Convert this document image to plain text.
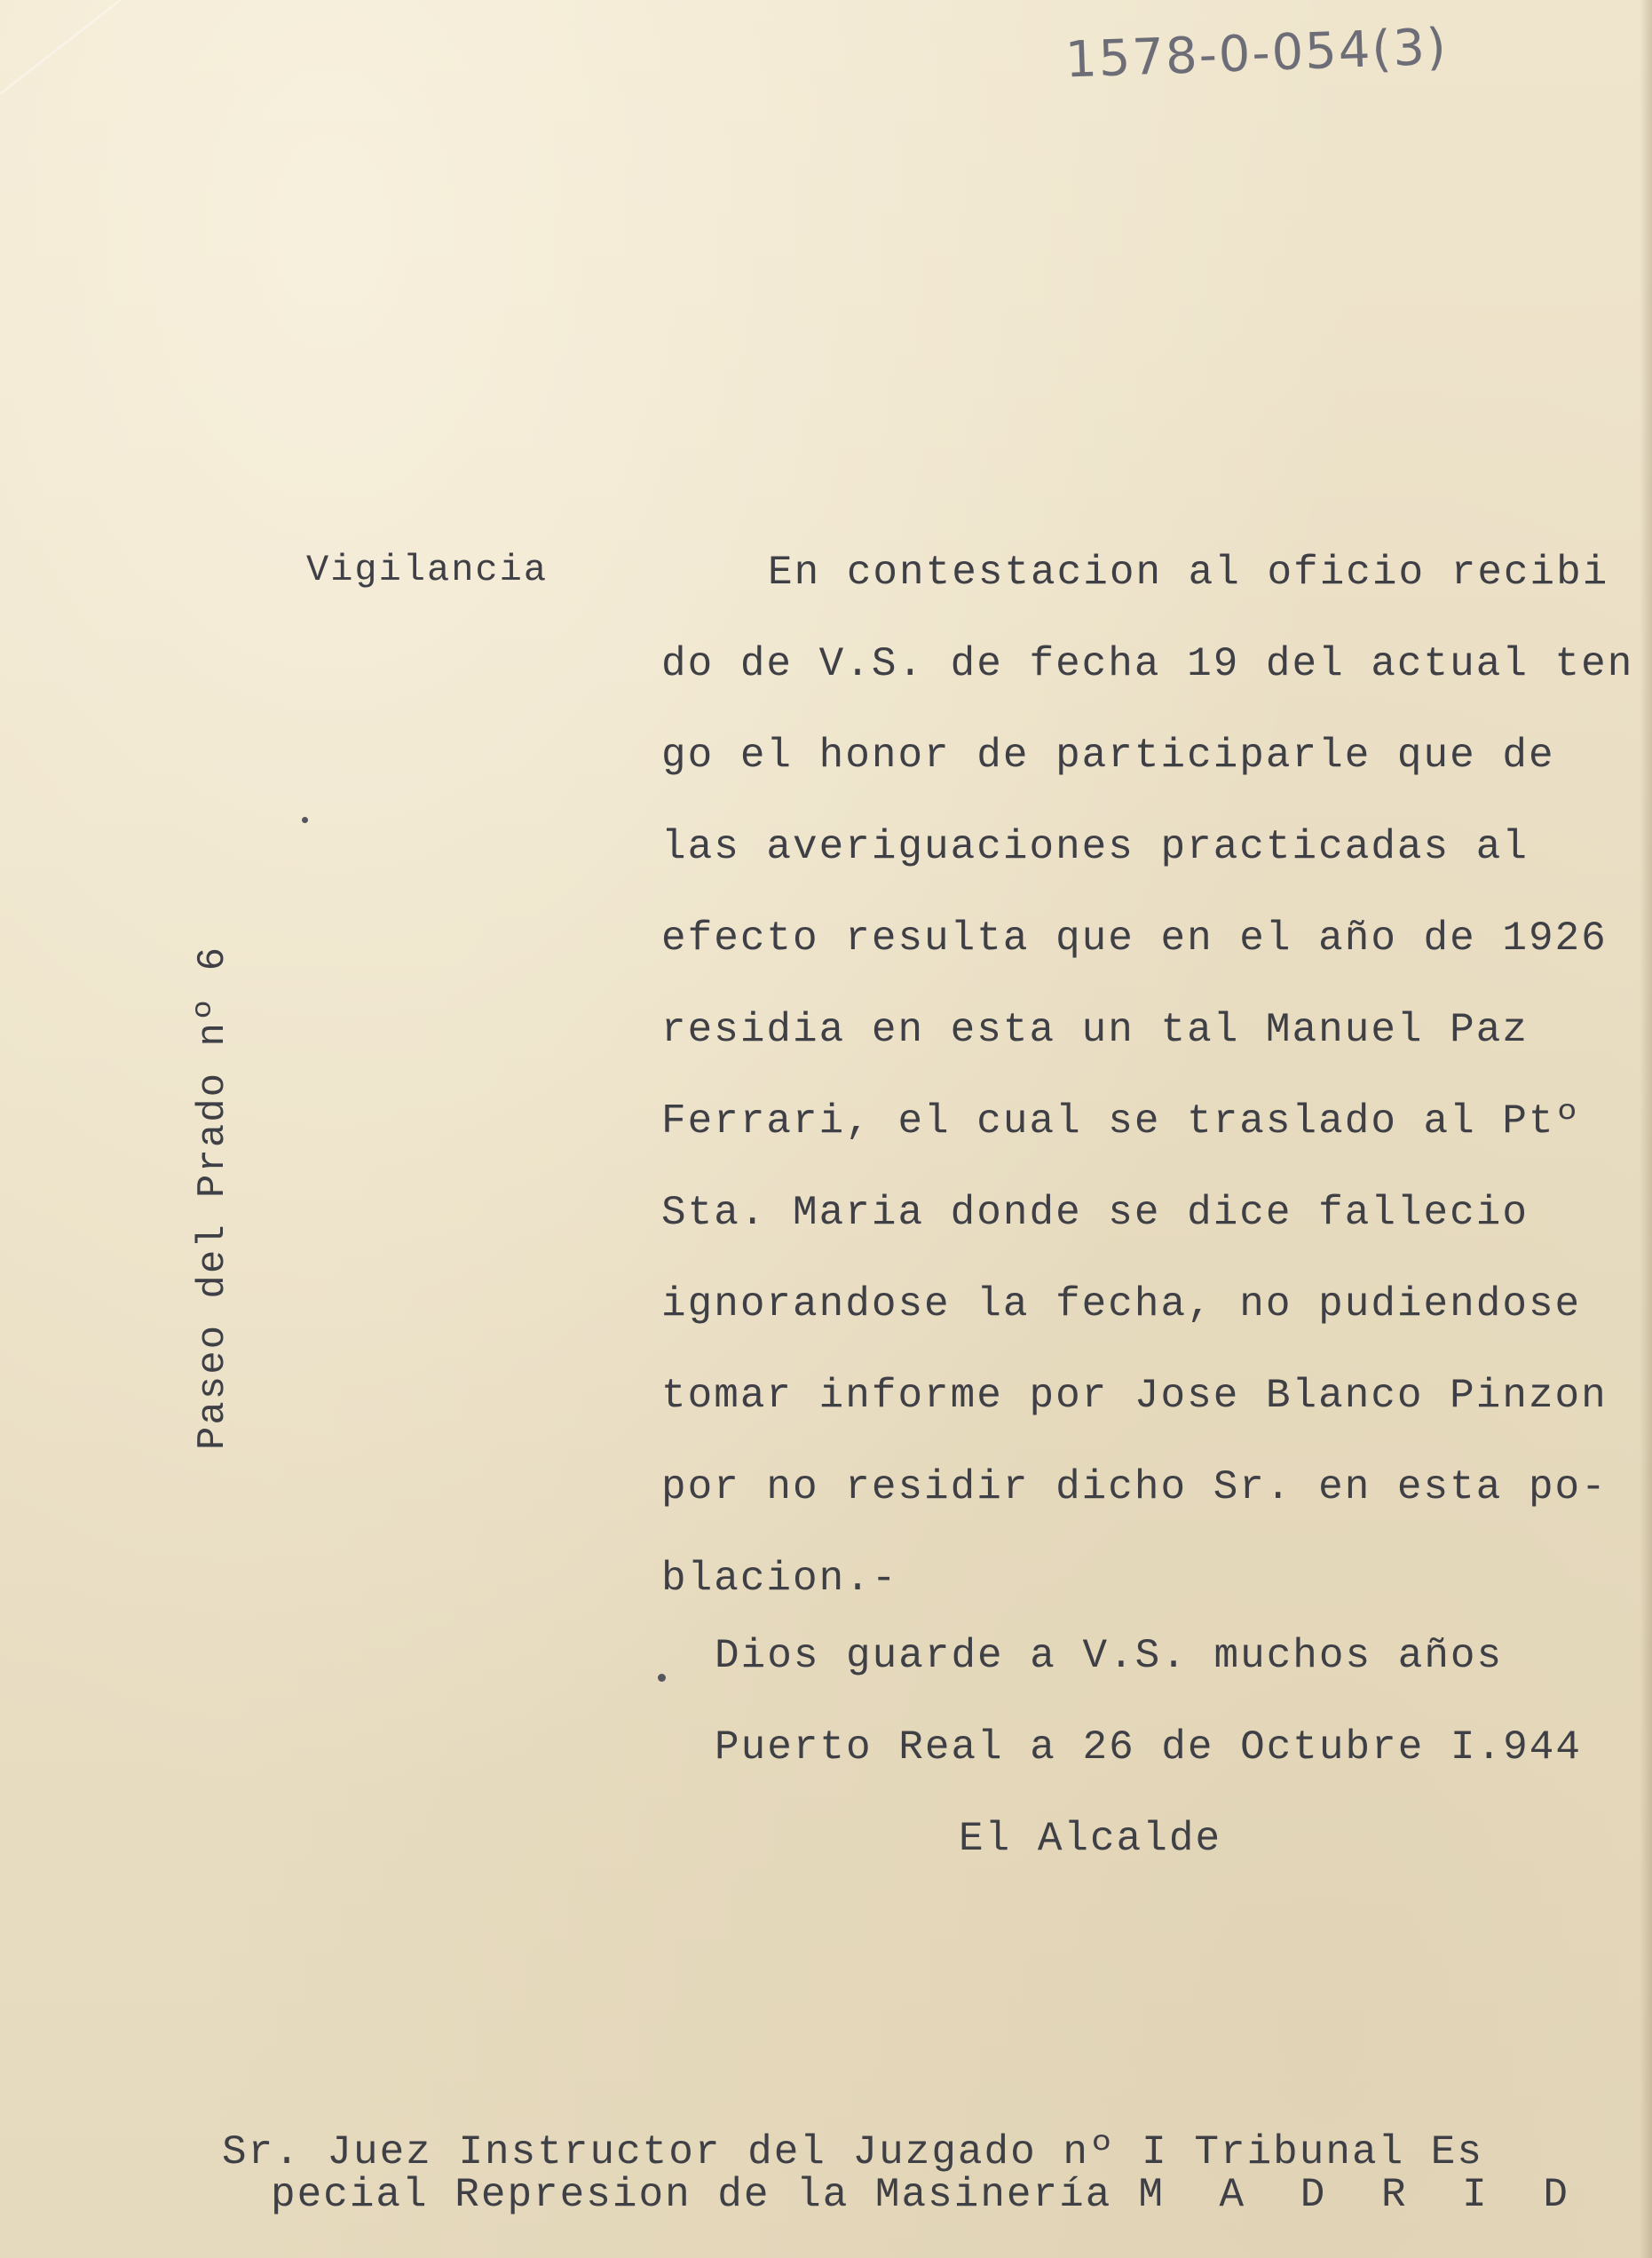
1578-0-054(3)
Vigilancia
Paseo del Prado nº 6
En contestacion al oficio recibi
do de V.S. de fecha 19 del actual ten
go el honor de participarle que de
las averiguaciones practicadas al
efecto resulta que en el año de 1926
residia en esta un tal Manuel Paz
Ferrari, el cual se traslado al Ptº
Sta. Maria donde se dice fallecio
ignorandose la fecha, no pudiendose
tomar informe por Jose Blanco Pinzon
por no residir dicho Sr. en esta po-
blacion.-
Dios guarde a V.S. muchos años
Puerto Real a 26 de Octubre I.944
El Alcalde
Sr. Juez Instructor del Juzgado nº I Tribunal Es
pecial Represion de la Masinería M A D R I D
